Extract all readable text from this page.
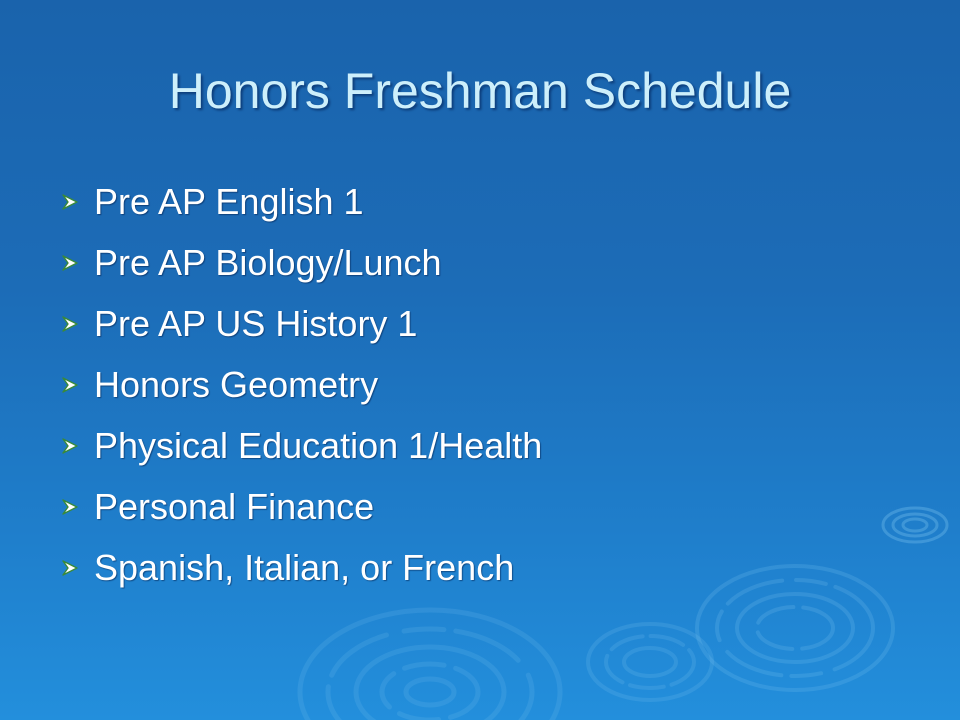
Honors Freshman Schedule
Pre AP English 1
Pre AP Biology/Lunch
Pre AP US History 1
Honors Geometry
Physical Education 1/Health
Personal Finance
Spanish, Italian, or French
